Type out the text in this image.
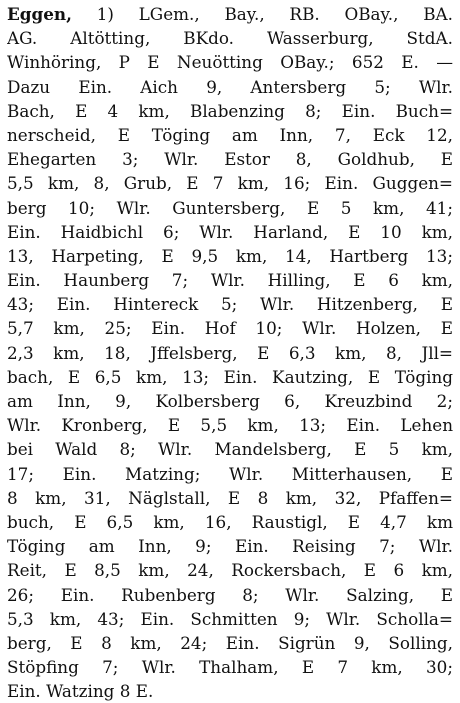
Eggen, 1) LGem., Bay., RB. OBay., BA.
AG. Altötting, BKdo. Wasserburg, StdA.
Winhöring, P E Neuötting OBay.; 652 E. —
Dazu Ein. Aich 9, Antersberg 5; Wlr.
Bach, E 4 km, Blabenzing 8; Ein. Buch=
nerscheid, E Töging am Inn, 7, Eck 12,
Ehegarten 3; Wlr. Estor 8, Goldhub, E
5,5 km, 8, Grub, E 7 km, 16; Ein. Guggen=
berg 10; Wlr. Guntersberg, E 5 km, 41;
Ein. Haidbichl 6; Wlr. Harland, E 10 km,
13, Harpeting, E 9,5 km, 14, Hartberg 13;
Ein. Haunberg 7; Wlr. Hilling, E 6 km,
43; Ein. Hintereck 5; Wlr. Hitzenberg, E
5,7 km, 25; Ein. Hof 10; Wlr. Holzen, E
2,3 km, 18, Jffelsberg, E 6,3 km, 8, Jll=
bach, E 6,5 km, 13; Ein. Kautzing, E Töging
am Inn, 9, Kolbersberg 6, Kreuzbind 2;
Wlr. Kronberg, E 5,5 km, 13; Ein. Lehen
bei Wald 8; Wlr. Mandelsberg, E 5 km,
17; Ein. Matzing; Wlr. Mitterhausen, E
8 km, 31, Näglstall, E 8 km, 32, Pfaffen=
buch, E 6,5 km, 16, Raustigl, E 4,7 km
Töging am Inn, 9; Ein. Reising 7; Wlr.
Reit, E 8,5 km, 24, Rockersbach, E 6 km,
26; Ein. Rubenberg 8; Wlr. Salzing, E
5,3 km, 43; Ein. Schmitten 9; Wlr. Scholla=
berg, E 8 km, 24; Ein. Sigrün 9, Solling,
Stöpfing 7; Wlr. Thalham, E 7 km, 30;
Ein. Watzing 8 E.
